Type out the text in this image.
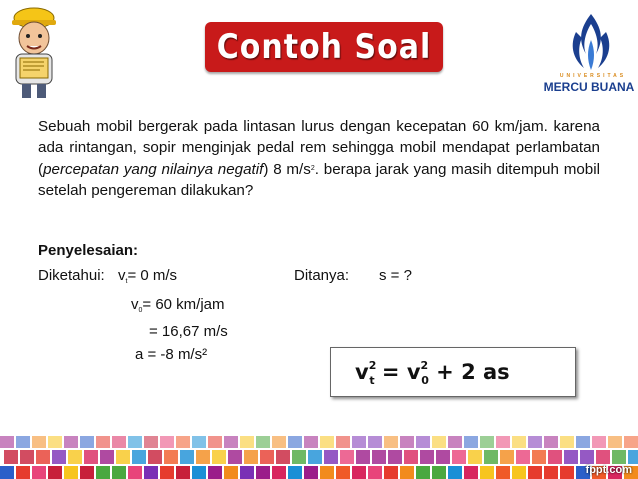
Contoh Soal
UNIVERSITAS
MERCU BUANA
Sebuah mobil bergerak pada lintasan lurus dengan kecepatan 60 km/jam. karena ada rintangan, sopir menginjak pedal rem sehingga mobil mendapat perlambatan (percepatan yang nilainya negatif) 8 $m/s^2$. berapa jarak yang masih ditempuh mobil setelah pengereman dilakukan?
Penyelesaian:
Diketahui: $v_t= 0$ m/s	Ditanya: s = ?
$v_0= 60$ km/jam
= 16,67 m/s
a = -8 m/s²
$v^2_t = v^2_0 + 2$ as
fppt.com
